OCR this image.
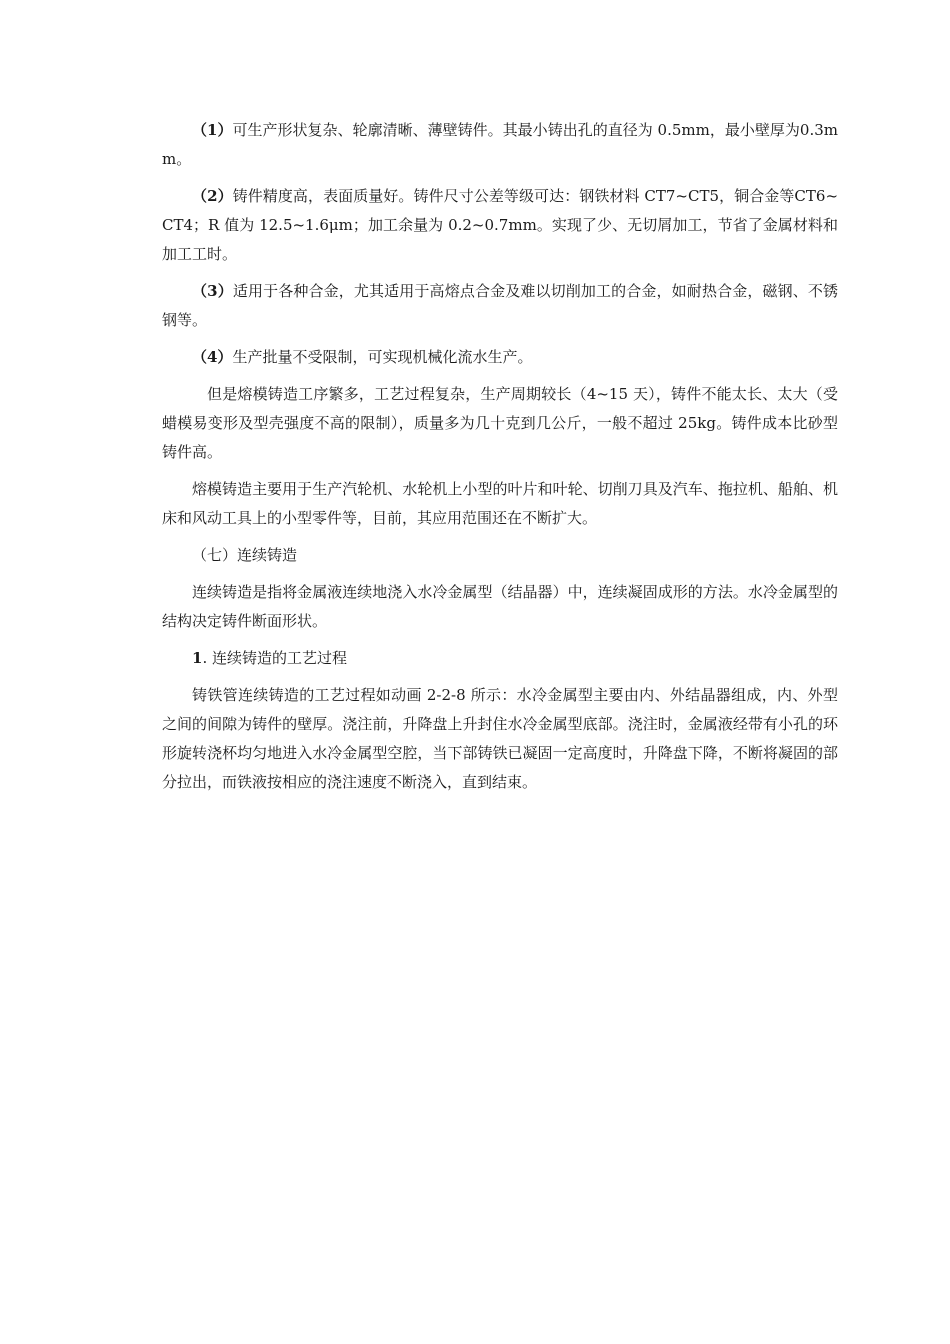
（1）可生产形状复杂、轮廓清晰、薄壁铸件。其最小铸出孔的直径为 0.5mm，最小壁厚为0.3mm。

（2）铸件精度高，表面质量好。铸件尺寸公差等级可达：钢铁材料 CT7~CT5，铜合金等CT6~CT4；R 值为 12.5~1.6μm；加工余量为 0.2~0.7mm。实现了少、无切屑加工，节省了金属材料和加工工时。

（3）适用于各种合金，尤其适用于高熔点合金及难以切削加工的合金，如耐热合金，磁钢、不锈钢等。

（4）生产批量不受限制，可实现机械化流水生产。

但是熔模铸造工序繁多，工艺过程复杂，生产周期较长（4~15 天），铸件不能太长、太大（受蜡模易变形及型壳强度不高的限制），质量多为几十克到几公斤，一般不超过 25kg。铸件成本比砂型铸件高。

熔模铸造主要用于生产汽轮机、水轮机上小型的叶片和叶轮、切削刀具及汽车、拖拉机、船舶、机床和风动工具上的小型零件等，目前，其应用范围还在不断扩大。

（七）连续铸造

连续铸造是指将金属液连续地浇入水冷金属型（结晶器）中，连续凝固成形的方法。水冷金属型的结构决定铸件断面形状。

1. 连续铸造的工艺过程

铸铁管连续铸造的工艺过程如动画 2-2-8 所示：水冷金属型主要由内、外结晶器组成，内、外型之间的间隙为铸件的壁厚。浇注前，升降盘上升封住水冷金属型底部。浇注时，金属液经带有小孔的环形旋转浇杯均匀地进入水冷金属型空腔，当下部铸铁已凝固一定高度时，升降盘下降，不断将凝固的部分拉出，而铁液按相应的浇注速度不断浇入，直到结束。
